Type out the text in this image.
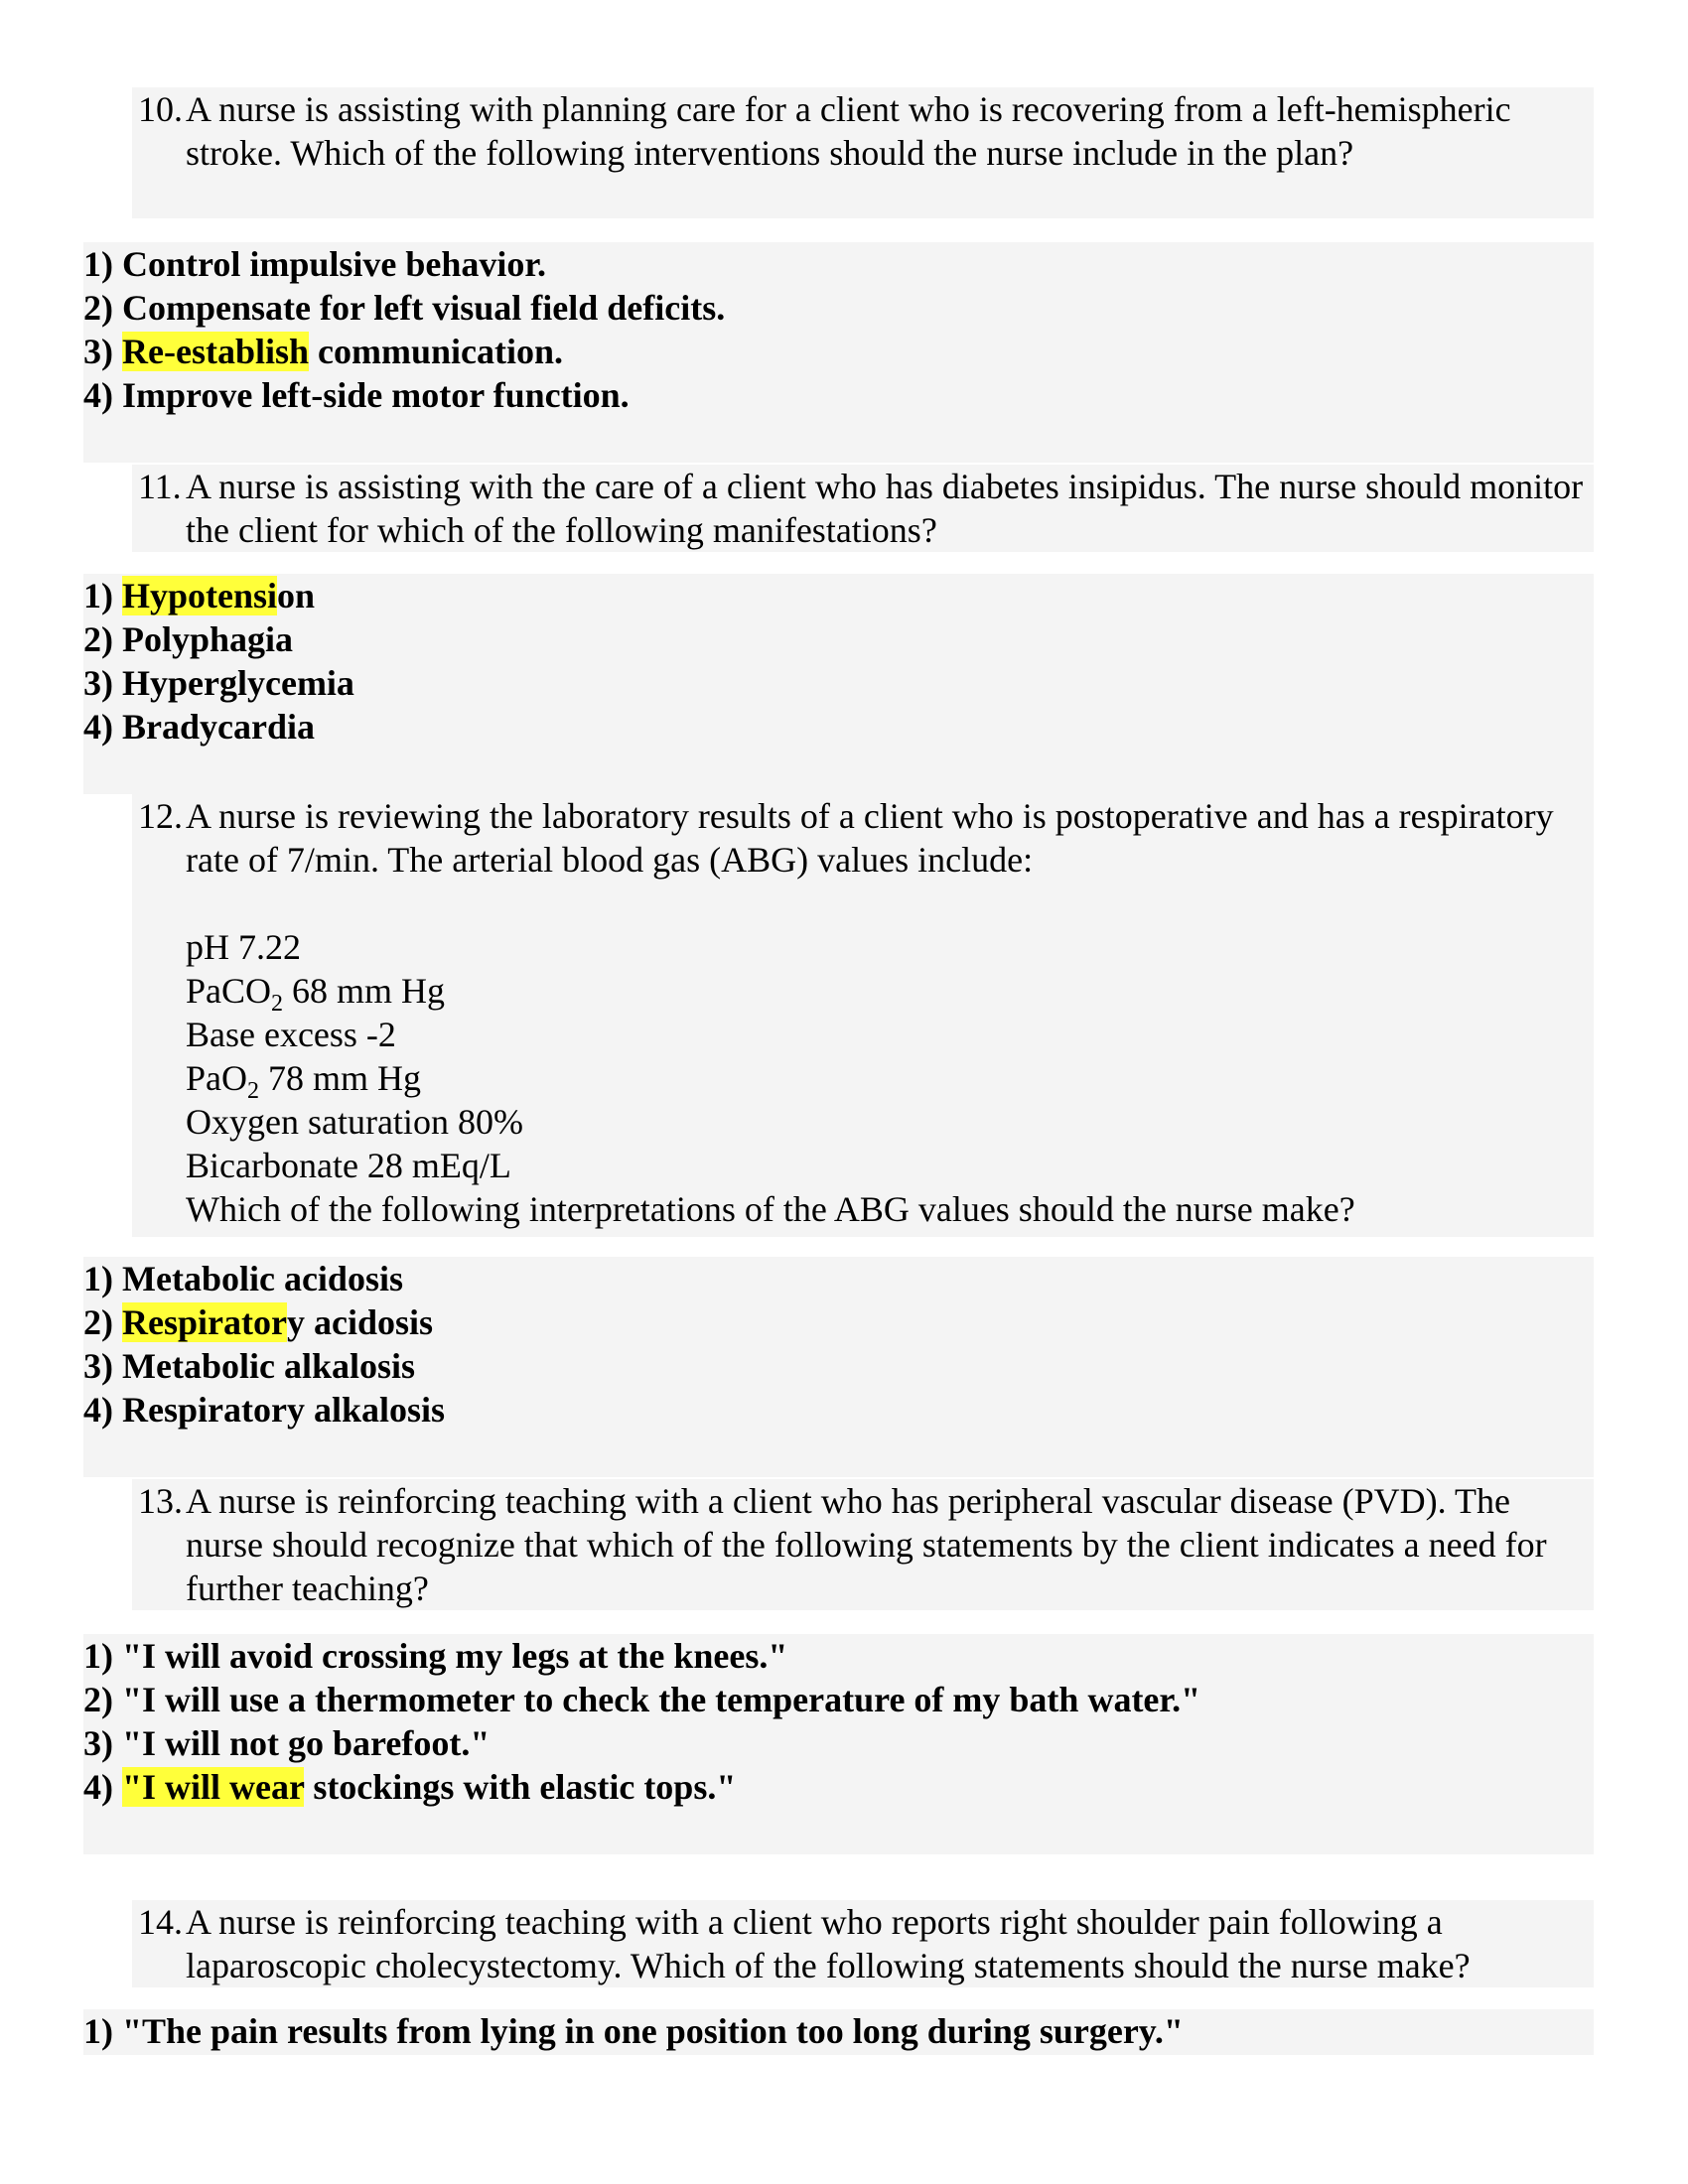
10. A nurse is assisting with planning care for a client who is recovering from a left-hemispheric stroke. Which of the following interventions should the nurse include in the plan?
1) Control impulsive behavior.
2) Compensate for left visual field deficits.
3) Re-establish communication.
4) Improve left-side motor function.
11. A nurse is assisting with the care of a client who has diabetes insipidus. The nurse should monitor the client for which of the following manifestations?
1) Hypotension
2) Polyphagia
3) Hyperglycemia
4) Bradycardia
12. A nurse is reviewing the laboratory results of a client who is postoperative and has a respiratory rate of 7/min. The arterial blood gas (ABG) values include:
pH 7.22
PaCO$_2$ 68 mm Hg
Base excess -2
PaO$_2$ 78 mm Hg
Oxygen saturation 80%
Bicarbonate 28 mEq/L
Which of the following interpretations of the ABG values should the nurse make?
1) Metabolic acidosis
2) Respiratory acidosis
3) Metabolic alkalosis
4) Respiratory alkalosis
13. A nurse is reinforcing teaching with a client who has peripheral vascular disease (PVD). The nurse should recognize that which of the following statements by the client indicates a need for further teaching?
1) "I will avoid crossing my legs at the knees."
2) "I will use a thermometer to check the temperature of my bath water."
3) "I will not go barefoot."
4) "I will wear stockings with elastic tops."
14. A nurse is reinforcing teaching with a client who reports right shoulder pain following a laparoscopic cholecystectomy. Which of the following statements should the nurse make?
1) "The pain results from lying in one position too long during surgery."
